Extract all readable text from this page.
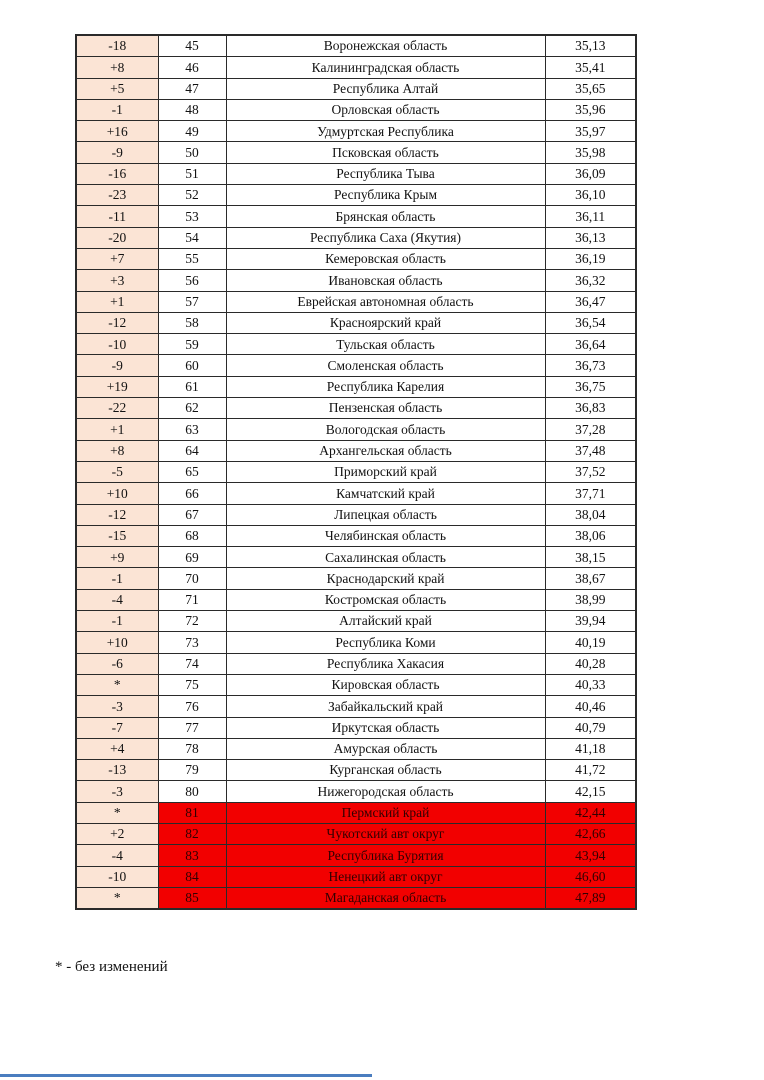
-18	45	Воронежская область	35,13
+8	46	Калининградская область	35,41
+5	47	Республика Алтай	35,65
-1	48	Орловская область	35,96
+16	49	Удмуртская Республика	35,97
-9	50	Псковская область	35,98
-16	51	Республика Тыва	36,09
-23	52	Республика Крым	36,10
-11	53	Брянская область	36,11
-20	54	Республика Саха (Якутия)	36,13
+7	55	Кемеровская область	36,19
+3	56	Ивановская область	36,32
+1	57	Еврейская автономная область	36,47
-12	58	Красноярский край	36,54
-10	59	Тульская область	36,64
-9	60	Смоленская область	36,73
+19	61	Республика Карелия	36,75
-22	62	Пензенская область	36,83
+1	63	Вологодская область	37,28
+8	64	Архангельская область	37,48
-5	65	Приморский край	37,52
+10	66	Камчатский край	37,71
-12	67	Липецкая область	38,04
-15	68	Челябинская область	38,06
+9	69	Сахалинская область	38,15
-1	70	Краснодарский край	38,67
-4	71	Костромская область	38,99
-1	72	Алтайский край	39,94
+10	73	Республика Коми	40,19
-6	74	Республика Хакасия	40,28
*	75	Кировская область	40,33
-3	76	Забайкальский край	40,46
-7	77	Иркутская область	40,79
+4	78	Амурская область	41,18
-13	79	Курганская область	41,72
-3	80	Нижегородская область	42,15
*	81	Пермский край	42,44
+2	82	Чукотский авт округ	42,66
-4	83	Республика Бурятия	43,94
-10	84	Ненецкий авт округ	46,60
*	85	Магаданская область	47,89
* - без изменений
